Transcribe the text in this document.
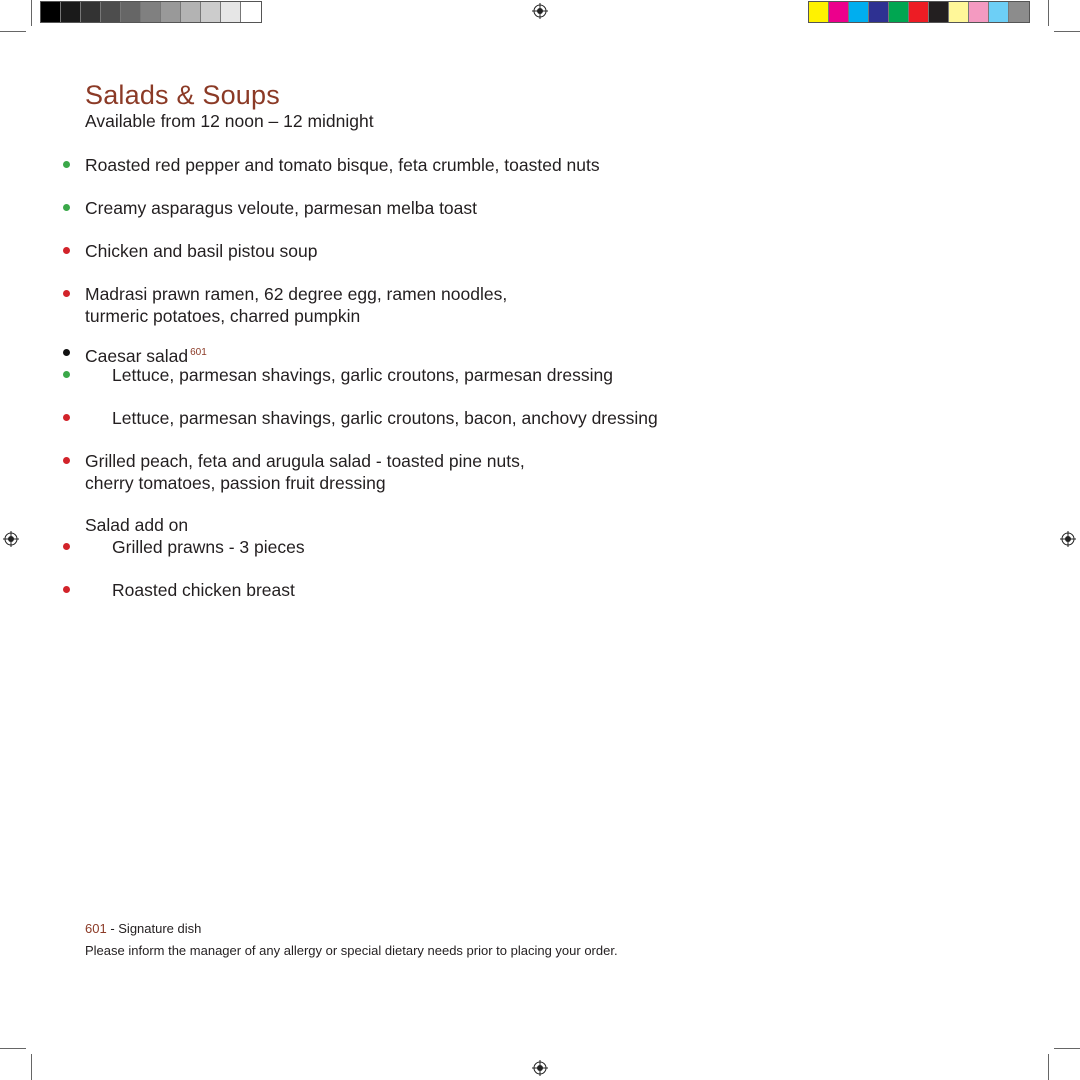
Salads & Soups
Available from 12 noon – 12 midnight
Roasted red pepper and tomato bisque, feta crumble, toasted nuts
Creamy asparagus veloute, parmesan melba toast
Chicken and basil pistou soup
Madrasi prawn ramen, 62 degree egg, ramen noodles,
turmeric potatoes, charred pumpkin
Caesar salad $^{601}$
Lettuce, parmesan shavings, garlic croutons, parmesan dressing
Lettuce, parmesan shavings, garlic croutons, bacon, anchovy dressing
Grilled peach, feta and arugula salad - toasted pine nuts,
cherry tomatoes, passion fruit dressing
Salad add on
Grilled prawns - 3 pieces
Roasted chicken breast
601 - Signature dish
Please inform the manager of any allergy or special dietary needs prior to placing your order.
